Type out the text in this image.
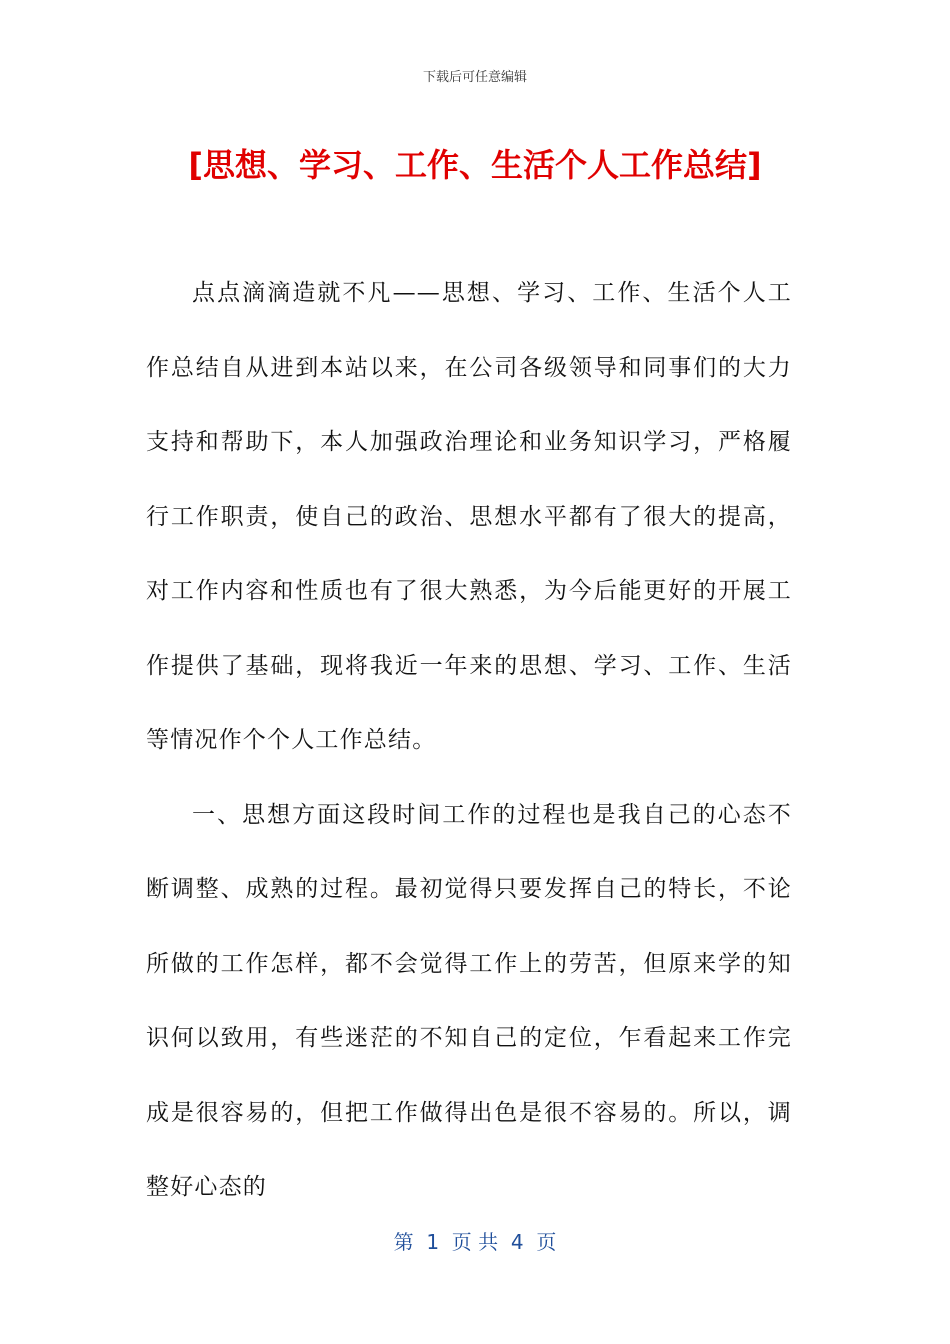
下载后可任意编辑
[思想、学习、工作、生活个人工作总结]

点点滴滴造就不凡——思想、学习、工作、生活个人工作总结自从进到本站以来，在公司各级领导和同事们的大力支持和帮助下，本人加强政治理论和业务知识学习，严格履行工作职责，使自己的政治、思想水平都有了很大的提高，对工作内容和性质也有了很大熟悉，为今后能更好的开展工作提供了基础，现将我近一年来的思想、学习、工作、生活等情况作个个人工作总结。

一、思想方面这段时间工作的过程也是我自己的心态不断调整、成熟的过程。最初觉得只要发挥自己的特长，不论所做的工作怎样，都不会觉得工作上的劳苦，但原来学的知识何以致用，有些迷茫的不知自己的定位，乍看起来工作完成是很容易的，但把工作做得出色是很不容易的。所以，调整好心态的

第  1  页 共  4  页
